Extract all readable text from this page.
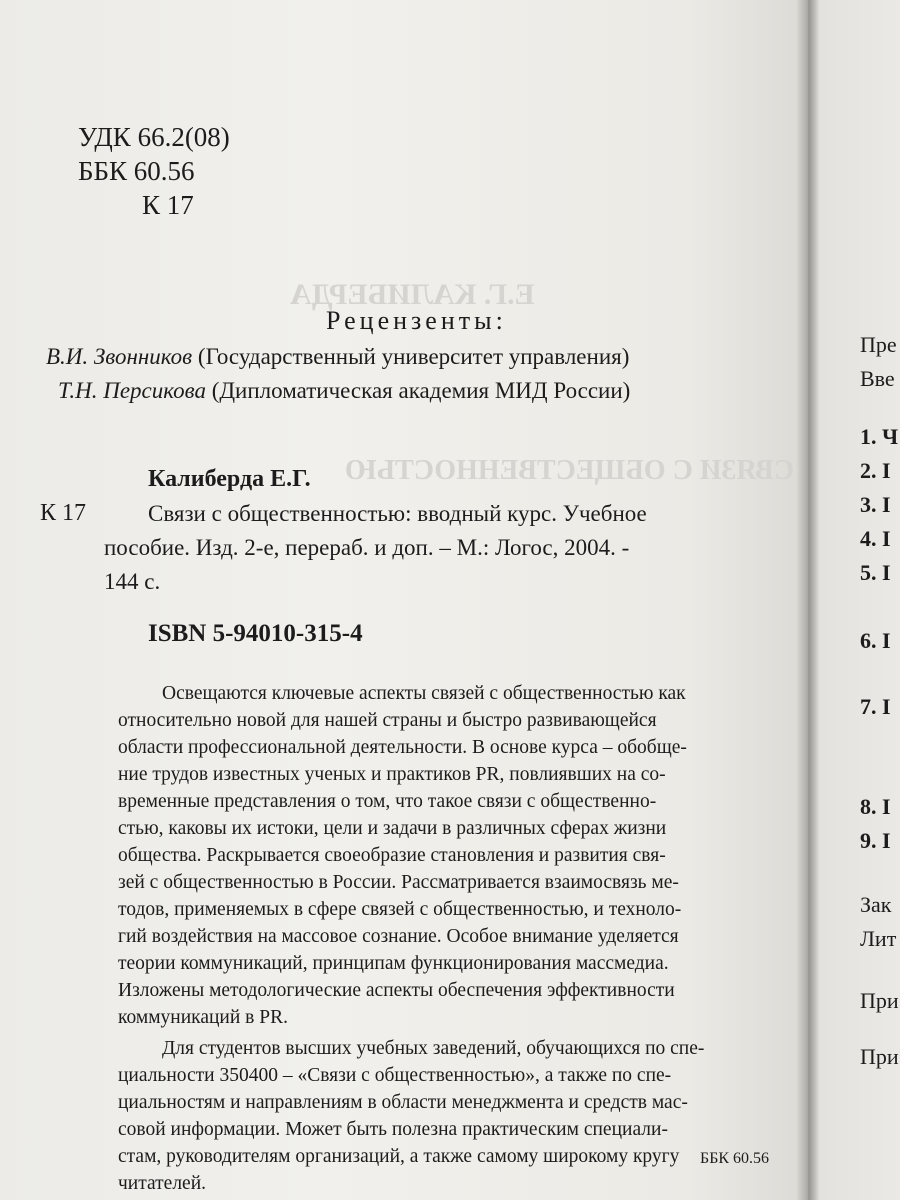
Е.Г. КАЛИБЕРДА
СВЯЗИ С ОБЩЕСТВЕННОСТЬЮ
УДК 66.2(08)
ББК 60.56
К 17
Рецензенты:
В.И. Звонников (Государственный университет управления)
Т.Н. Персикова (Дипломатическая академия МИД России)
Калиберда Е.Г.
К 17	Связи с общественностью: вводный курс. Учебное
пособие. Изд. 2-е, перераб. и доп. – М.: Логос, 2004. -
144 с.
ISBN 5-94010-315-4
Освещаются ключевые аспекты связей с общественностью как
относительно новой для нашей страны и быстро развивающейся
области профессиональной деятельности. В основе курса – обобще-
ние трудов известных ученых и практиков PR, повлиявших на со-
временные представления о том, что такое связи с общественно-
стью, каковы их истоки, цели и задачи в различных сферах жизни
общества. Раскрывается своеобразие становления и развития свя-
зей с общественностью в России. Рассматривается взаимосвязь ме-
тодов, применяемых в сфере связей с общественностью, и техноло-
гий воздействия на массовое сознание. Особое внимание уделяется
теории коммуникаций, принципам функционирования массмедиа.
Изложены методологические аспекты обеспечения эффективности
коммуникаций в PR.
Для студентов высших учебных заведений, обучающихся по спе-
циальности 350400 – «Связи с общественностью», а также по спе-
циальностям и направлениям в области менеджмента и средств мас-
совой информации. Может быть полезна практическим специали-
стам, руководителям организаций, а также самому широкому кругу
читателей.
ББК 60.56
Пре
Вве
1. Ч
2. I
3. I
4. I
5. I
6. I
7. I
8. I
9. I
Зак
Лит
При
При
